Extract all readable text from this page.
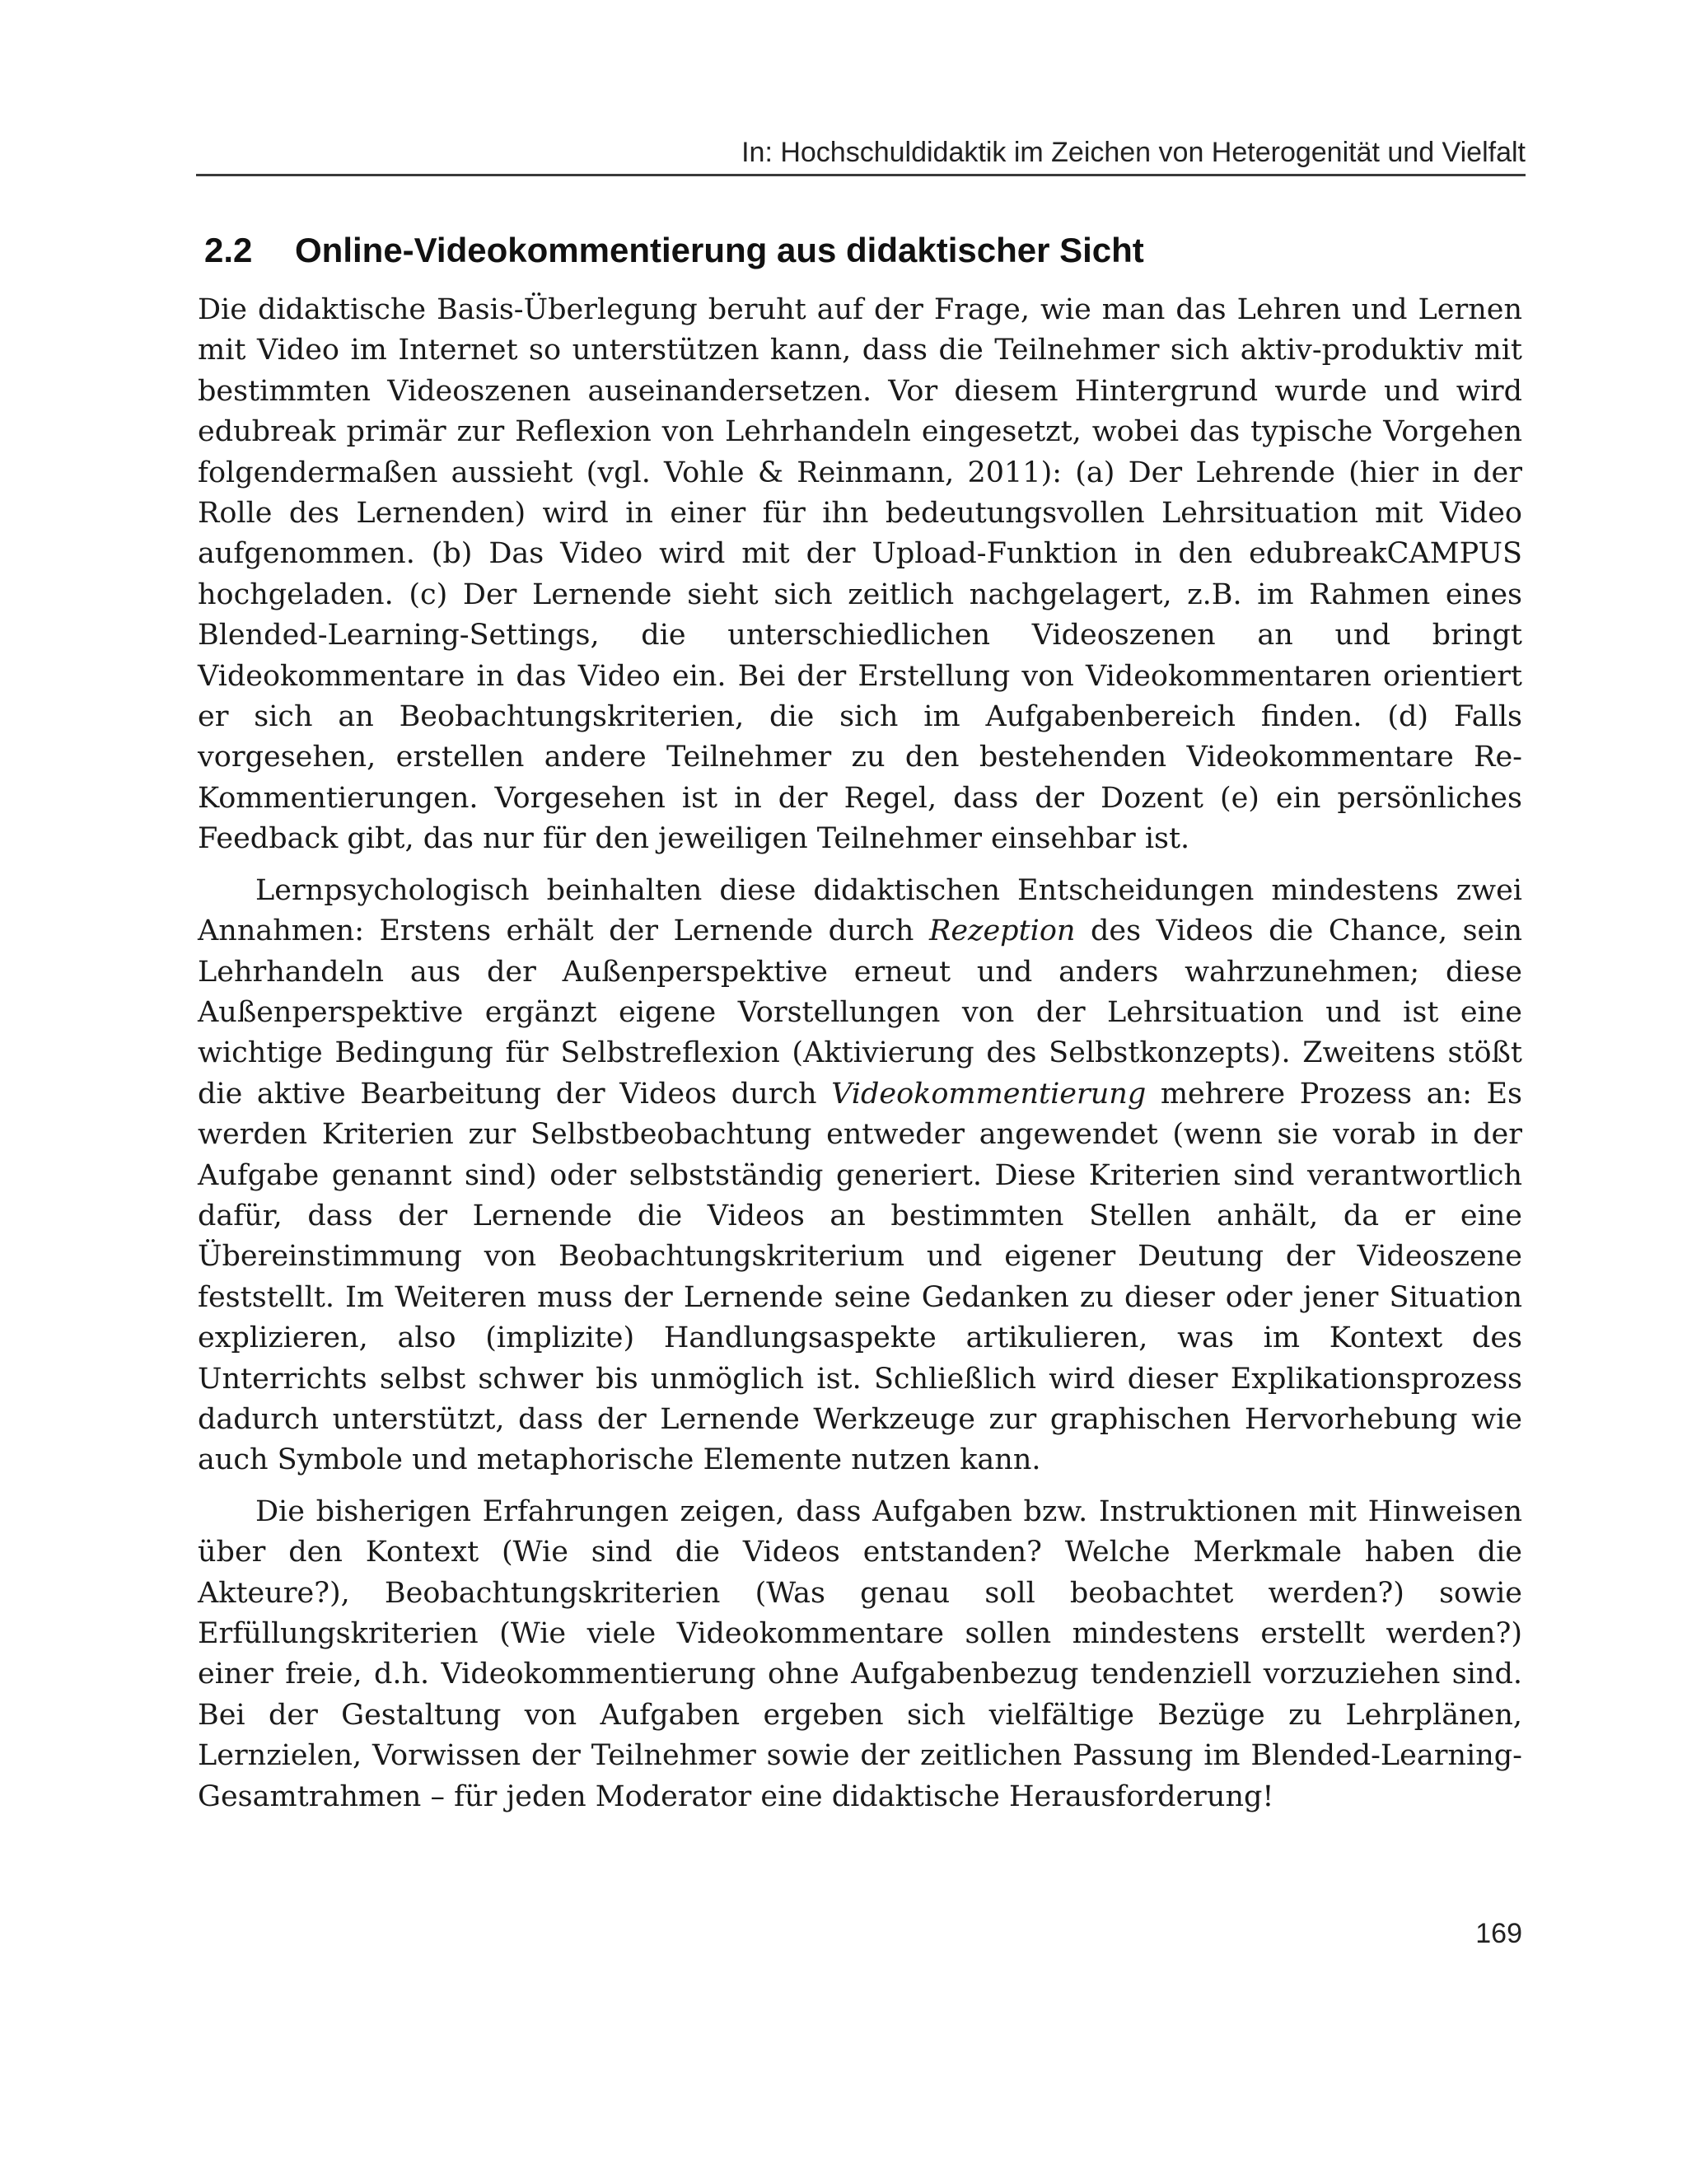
In: Hochschuldidaktik im Zeichen von Heterogenität und Vielfalt
2.2 Online-Videokommentierung aus didaktischer Sicht

Die didaktische Basis-Überlegung beruht auf der Frage, wie man das Lehren und Lernen mit Video im Internet so unterstützen kann, dass die Teilnehmer sich aktiv-produktiv mit bestimmten Videoszenen auseinandersetzen. Vor diesem Hintergrund wurde und wird edubreak primär zur Reflexion von Lehrhandeln eingesetzt, wobei das typische Vorgehen folgendermaßen aussieht (vgl. Vohle & Reinmann, 2011): (a) Der Lehrende (hier in der Rolle des Lernenden) wird in einer für ihn bedeutungsvollen Lehrsituation mit Video aufgenommen. (b) Das Video wird mit der Upload-Funktion in den edubreakCAMPUS hochgeladen. (c) Der Lernende sieht sich zeitlich nachgelagert, z.B. im Rahmen eines Blended-Learning-Settings, die unterschiedlichen Videoszenen an und bringt Videokommentare in das Video ein. Bei der Erstellung von Videokommentaren orientiert er sich an Beobachtungskriterien, die sich im Aufgabenbereich finden. (d) Falls vorgesehen, erstellen andere Teilnehmer zu den bestehenden Videokommentare Re-Kommentierungen. Vorgesehen ist in der Regel, dass der Dozent (e) ein persönliches Feedback gibt, das nur für den jeweiligen Teilnehmer einsehbar ist.

Lernpsychologisch beinhalten diese didaktischen Entscheidungen mindestens zwei Annahmen: Erstens erhält der Lernende durch Rezeption des Videos die Chance, sein Lehrhandeln aus der Außenperspektive erneut und anders wahrzunehmen; diese Außenperspektive ergänzt eigene Vorstellungen von der Lehrsituation und ist eine wichtige Bedingung für Selbstreflexion (Aktivierung des Selbstkonzepts). Zweitens stößt die aktive Bearbeitung der Videos durch Videokommentierung mehrere Prozess an: Es werden Kriterien zur Selbstbeobachtung entweder angewendet (wenn sie vorab in der Aufgabe genannt sind) oder selbstständig generiert. Diese Kriterien sind verantwortlich dafür, dass der Lernende die Videos an bestimmten Stellen anhält, da er eine Übereinstimmung von Beobachtungskriterium und eigener Deutung der Videoszene feststellt. Im Weiteren muss der Lernende seine Gedanken zu dieser oder jener Situation explizieren, also (implizite) Handlungsaspekte artikulieren, was im Kontext des Unterrichts selbst schwer bis unmöglich ist. Schließlich wird dieser Explikationsprozess dadurch unterstützt, dass der Lernende Werkzeuge zur graphischen Hervorhebung wie auch Symbole und metaphorische Elemente nutzen kann.

Die bisherigen Erfahrungen zeigen, dass Aufgaben bzw. Instruktionen mit Hinweisen über den Kontext (Wie sind die Videos entstanden? Welche Merkmale haben die Akteure?), Beobachtungskriterien (Was genau soll beobachtet werden?) sowie Erfüllungskriterien (Wie viele Videokommentare sollen mindestens erstellt werden?) einer freie, d.h. Videokommentierung ohne Aufgabenbezug tendenziell vorzuziehen sind. Bei der Gestaltung von Aufgaben ergeben sich vielfältige Bezüge zu Lehrplänen, Lernzielen, Vorwissen der Teilnehmer sowie der zeitlichen Passung im Blended-Learning-Gesamtrahmen – für jeden Moderator eine didaktische Herausforderung!

169
